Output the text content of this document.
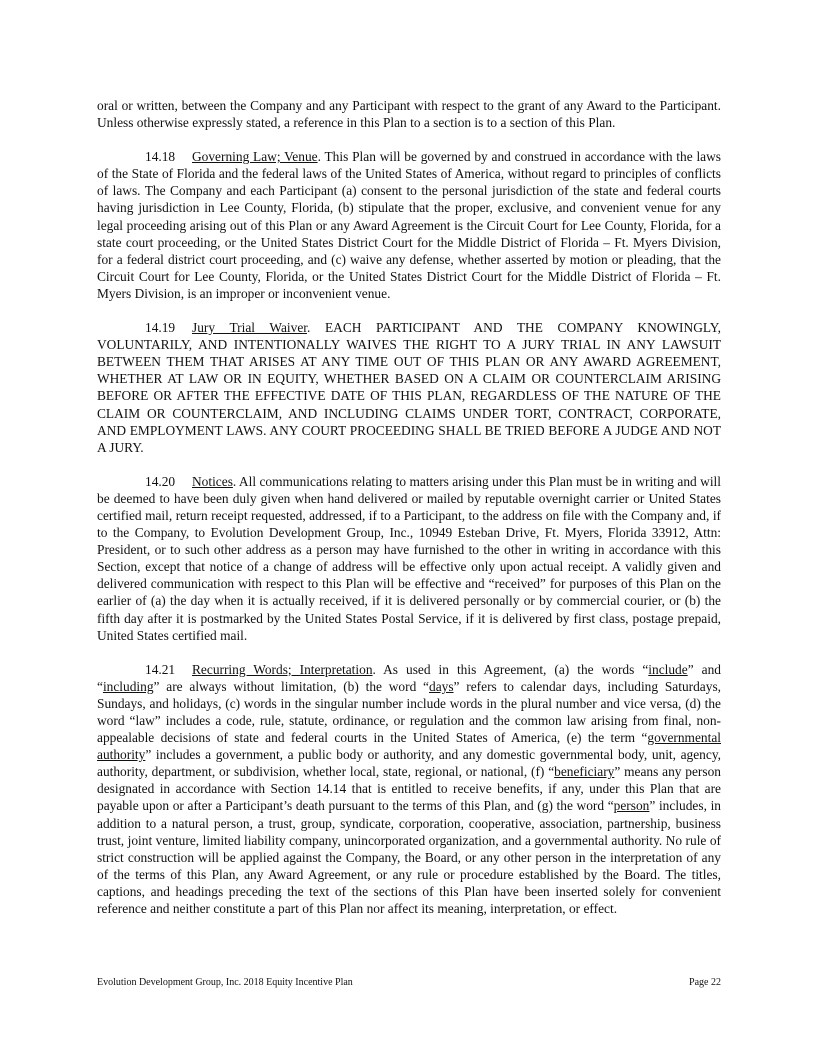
oral or written, between the Company and any Participant with respect to the grant of any Award to the Participant. Unless otherwise expressly stated, a reference in this Plan to a section is to a section of this Plan.

14.18 Governing Law; Venue. This Plan will be governed by and construed in accordance with the laws of the State of Florida and the federal laws of the United States of America, without regard to principles of conflicts of laws. The Company and each Participant (a) consent to the personal jurisdiction of the state and federal courts having jurisdiction in Lee County, Florida, (b) stipulate that the proper, exclusive, and convenient venue for any legal proceeding arising out of this Plan or any Award Agreement is the Circuit Court for Lee County, Florida, for a state court proceeding, or the United States District Court for the Middle District of Florida – Ft. Myers Division, for a federal district court proceeding, and (c) waive any defense, whether asserted by motion or pleading, that the Circuit Court for Lee County, Florida, or the United States District Court for the Middle District of Florida – Ft. Myers Division, is an improper or inconvenient venue.

14.19 Jury Trial Waiver. EACH PARTICIPANT AND THE COMPANY KNOWINGLY, VOLUNTARILY, AND INTENTIONALLY WAIVES THE RIGHT TO A JURY TRIAL IN ANY LAWSUIT BETWEEN THEM THAT ARISES AT ANY TIME OUT OF THIS PLAN OR ANY AWARD AGREEMENT, WHETHER AT LAW OR IN EQUITY, WHETHER BASED ON A CLAIM OR COUNTERCLAIM ARISING BEFORE OR AFTER THE EFFECTIVE DATE OF THIS PLAN, REGARDLESS OF THE NATURE OF THE CLAIM OR COUNTERCLAIM, AND INCLUDING CLAIMS UNDER TORT, CONTRACT, CORPORATE, AND EMPLOYMENT LAWS. ANY COURT PROCEEDING SHALL BE TRIED BEFORE A JUDGE AND NOT A JURY.

14.20 Notices. All communications relating to matters arising under this Plan must be in writing and will be deemed to have been duly given when hand delivered or mailed by reputable overnight carrier or United States certified mail, return receipt requested, addressed, if to a Participant, to the address on file with the Company and, if to the Company, to Evolution Development Group, Inc., 10949 Esteban Drive, Ft. Myers, Florida 33912, Attn: President, or to such other address as a person may have furnished to the other in writing in accordance with this Section, except that notice of a change of address will be effective only upon actual receipt. A validly given and delivered communication with respect to this Plan will be effective and “received” for purposes of this Plan on the earlier of (a) the day when it is actually received, if it is delivered personally or by commercial courier, or (b) the fifth day after it is postmarked by the United States Postal Service, if it is delivered by first class, postage prepaid, United States certified mail.

14.21 Recurring Words; Interpretation. As used in this Agreement, (a) the words “include” and “including” are always without limitation, (b) the word “days” refers to calendar days, including Saturdays, Sundays, and holidays, (c) words in the singular number include words in the plural number and vice versa, (d) the word “law” includes a code, rule, statute, ordinance, or regulation and the common law arising from final, non-appealable decisions of state and federal courts in the United States of America, (e) the term “governmental authority” includes a government, a public body or authority, and any domestic governmental body, unit, agency, authority, department, or subdivision, whether local, state, regional, or national, (f) “beneficiary” means any person designated in accordance with Section 14.14 that is entitled to receive benefits, if any, under this Plan that are payable upon or after a Participant’s death pursuant to the terms of this Plan, and (g) the word “person” includes, in addition to a natural person, a trust, group, syndicate, corporation, cooperative, association, partnership, business trust, joint venture, limited liability company, unincorporated organization, and a governmental authority. No rule of strict construction will be applied against the Company, the Board, or any other person in the interpretation of any of the terms of this Plan, any Award Agreement, or any rule or procedure established by the Board. The titles, captions, and headings preceding the text of the sections of this Plan have been inserted solely for convenient reference and neither constitute a part of this Plan nor affect its meaning, interpretation, or effect.

Evolution Development Group, Inc. 2018 Equity Incentive Plan	Page 22
